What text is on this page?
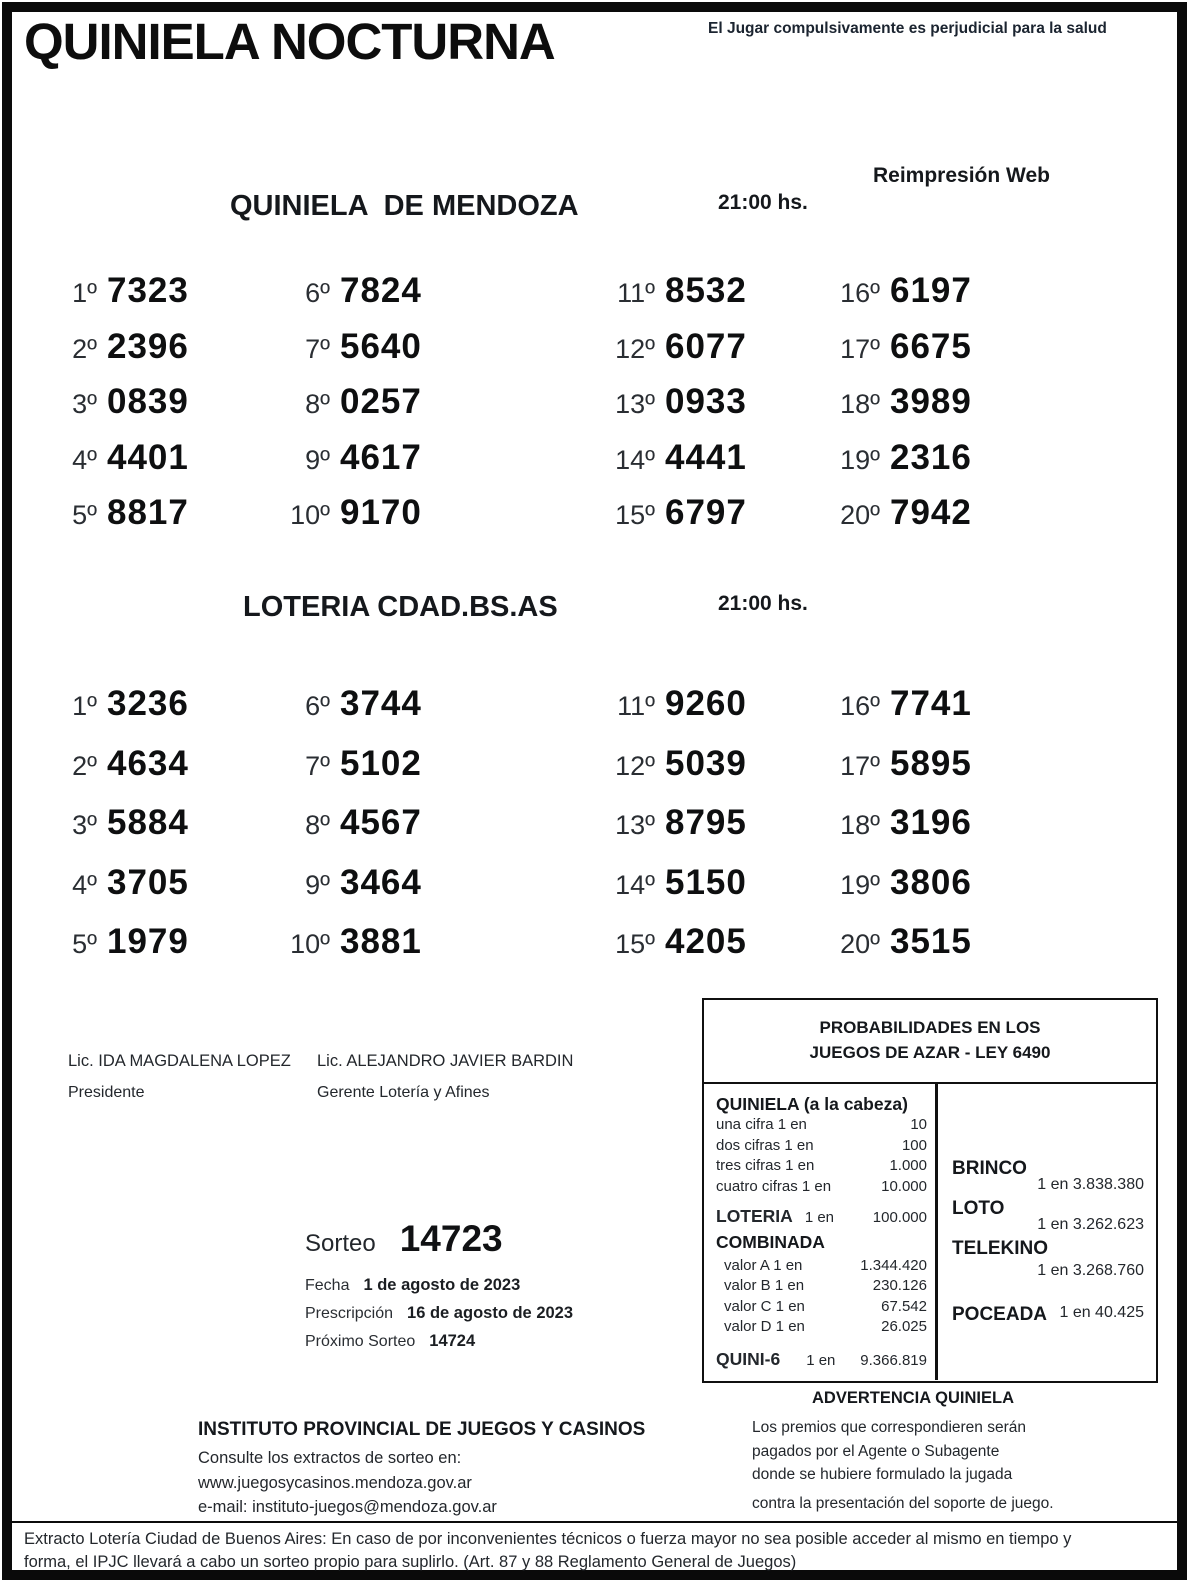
QUINIELA NOCTURNA	El Jugar compulsivamente es perjudicial para la salud
QUINIELA  DE MENDOZA	21:00 hs.
Reimpresión Web
1º 7323
2º 2396
3º 0839
4º 4401
5º 8817
6º 7824
7º 5640
8º 0257
9º 4617
10º 9170
11º 8532
12º 6077
13º 0933
14º 4441
15º 6797
16º 6197
17º 6675
18º 3989
19º 2316
20º 7942
LOTERIA CDAD.BS.AS	21:00 hs.
1º 3236
2º 4634
3º 5884
4º 3705
5º 1979
6º 3744
7º 5102
8º 4567
9º 3464
10º 3881
11º 9260
12º 5039
13º 8795
14º 5150
15º 4205
16º 7741
17º 5895
18º 3196
19º 3806
20º 3515
Lic. IDA MAGDALENA LOPEZ
Presidente
Lic. ALEJANDRO JAVIER BARDIN
Gerente Lotería y Afines
Sorteo 14723
Fecha 1 de agosto de 2023
Prescripción 16 de agosto de 2023
Próximo Sorteo 14724
PROBABILIDADES EN LOS
JUEGOS DE AZAR - LEY 6490
QUINIELA (a la cabeza)
una cifra 1 en	10
dos cifras 1 en	100
tres cifras 1 en	1.000
cuatro cifras 1 en	10.000
LOTERIA 1 en	100.000
COMBINADA
valor A 1 en	1.344.420
valor B 1 en	230.126
valor C 1 en	67.542
valor D 1 en	26.025
QUINI-6 1 en 9.366.819
BRINCO
1 en 3.838.380
LOTO
1 en 3.262.623
TELEKINO
1 en 3.268.760
POCEADA 1 en 40.425
ADVERTENCIA QUINIELA
Los premios que correspondieren serán
pagados por el Agente o Subagente
donde se hubiere formulado la jugada
contra la presentación del soporte de juego.
INSTITUTO PROVINCIAL DE JUEGOS Y CASINOS
Consulte los extractos de sorteo en:
www.juegosycasinos.mendoza.gov.ar
e-mail: instituto-juegos@mendoza.gov.ar
Extracto Lotería Ciudad de Buenos Aires: En caso de por inconvenientes técnicos o fuerza mayor no sea posible acceder al mismo en tiempo y
forma, el IPJC llevará a cabo un sorteo propio para suplirlo. (Art. 87 y 88 Reglamento General de Juegos)
